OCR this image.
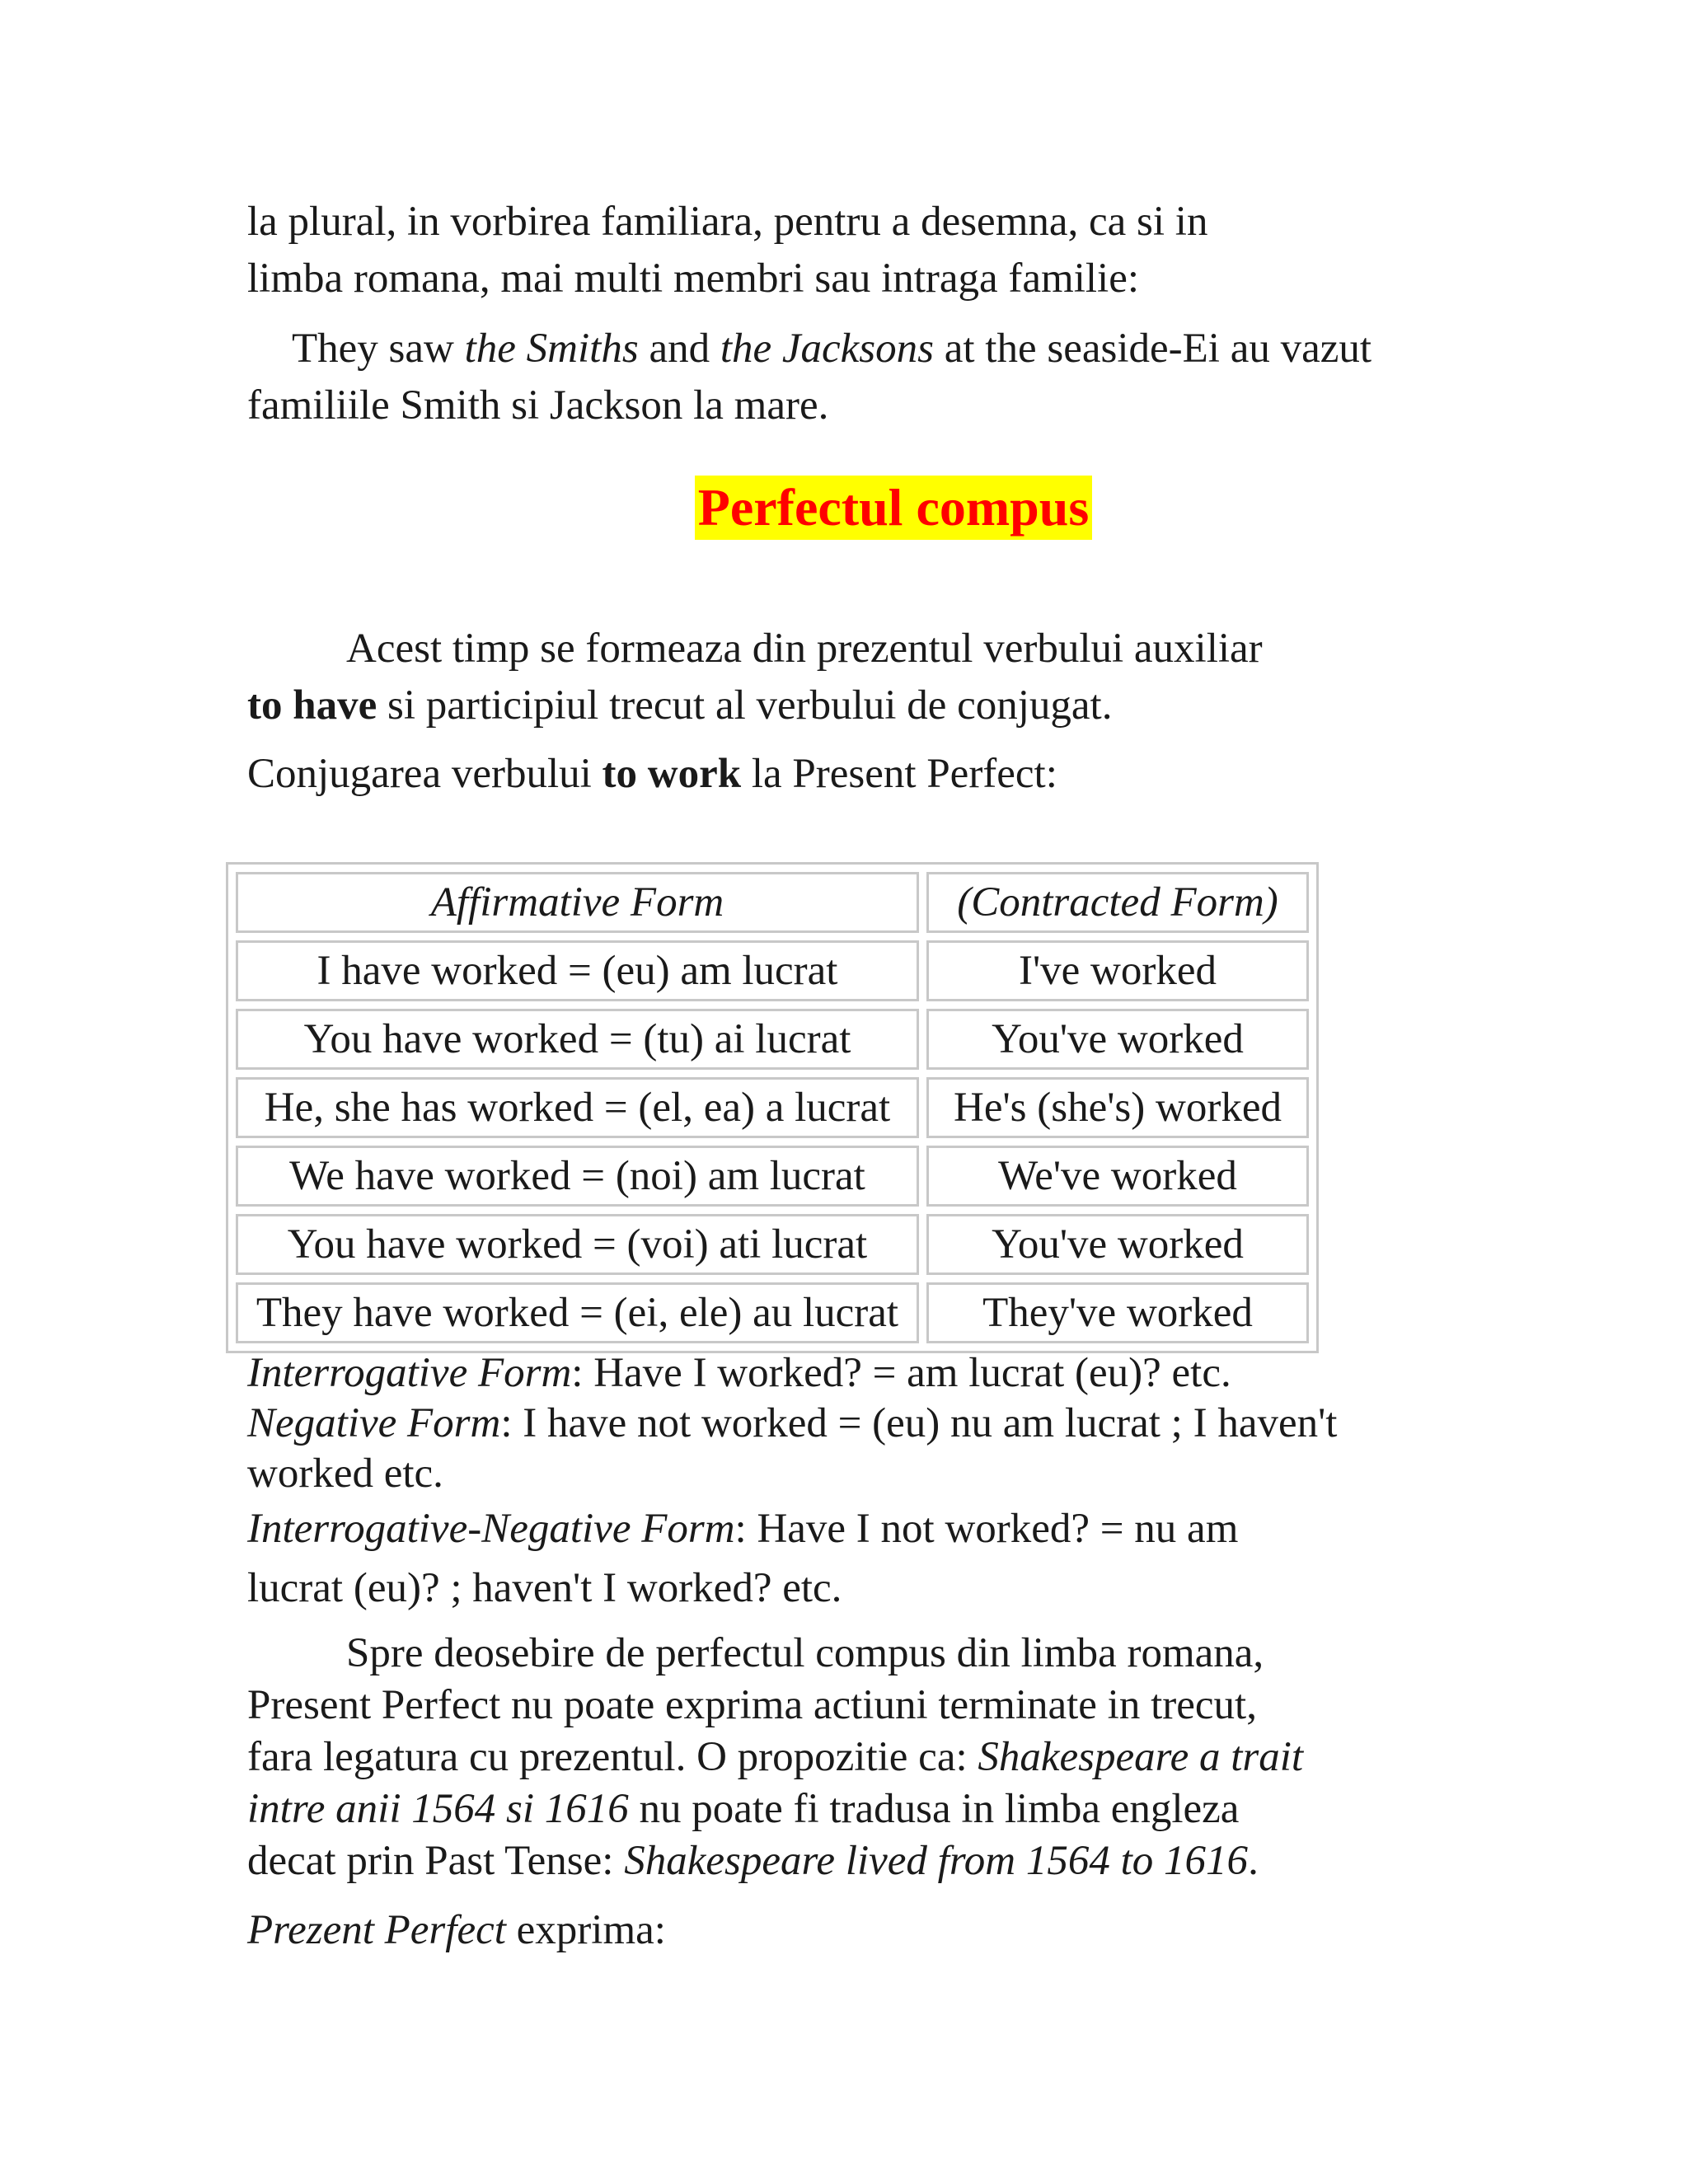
la plural, in vorbirea familiara, pentru a desemna, ca si in
limba romana, mai multi membri sau intraga familie:

They saw the Smiths and the Jacksons at the seaside-Ei au vazut
familiile Smith si Jackson la mare.

Perfectul compus

Acest timp se formeaza din prezentul verbului auxiliar
to have si participiul trecut al verbului de conjugat.

Conjugarea verbului to work la Present Perfect:

Affirmative Form	(Contracted Form)
I have worked = (eu) am lucrat	I've worked
You have worked = (tu) ai lucrat	You've worked
He, she has worked = (el, ea) a lucrat	He's (she's) worked
We have worked = (noi) am lucrat	We've worked
You have worked = (voi) ati lucrat	You've worked
They have worked = (ei, ele) au lucrat	They've worked

Interrogative Form: Have I worked? = am lucrat (eu)? etc.

Negative Form: I have not worked = (eu) nu am lucrat ; I haven't
worked etc.

Interrogative-Negative Form: Have I not worked? = nu am
lucrat (eu)? ; haven't I worked? etc.

Spre deosebire de perfectul compus din limba romana,
Present Perfect nu poate exprima actiuni terminate in trecut,
fara legatura cu prezentul. O propozitie ca: Shakespeare a trait
intre anii 1564 si 1616 nu poate fi tradusa in limba engleza
decat prin Past Tense: Shakespeare lived from 1564 to 1616.

Prezent Perfect exprima:
